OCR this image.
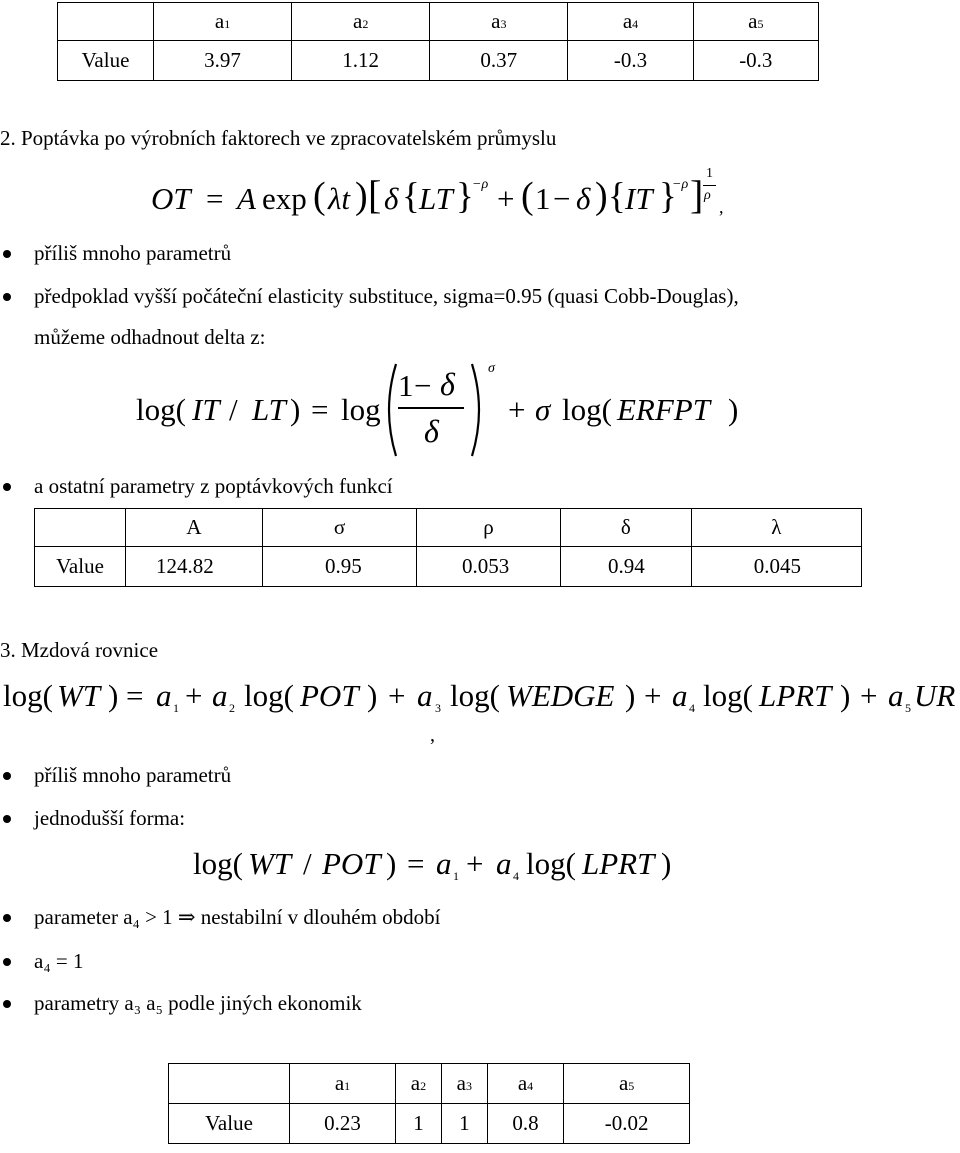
	a1	a2	a3	a4	a5
Value	3.97	1.12	0.37	-0.3	-0.3
2. Poptávka po výrobních faktorech ve zpracovatelském průmyslu
OT = A exp ( λt ) [ δ { LT }
−ρ + ( 1 − δ ) { IT }
−ρ ] 1
ρ
,
příliš mnoho parametrů
předpoklad vyšší počáteční elasticity substituce, sigma=0.95 (quasi Cobb-Douglas),
můžeme odhadnout delta z:
log( IT / LT ) = log
1 − δ
δ
σ
+ σ log( ERFPT )
a ostatní parametry z poptávkových funkcí
	A	σ	ρ	δ	λ
Value	124.82	0.95	0.053	0.94	0.045
3. Mzdová rovnice
log( WT ) = a 1 + a 2 log( POT ) + a 3 log( WEDGE ) + a 4 log( LPRT ) + a 5 UR
,
příliš mnoho parametrů
jednodušší forma:
log( WT / POT ) = a 1 + a 4 log( LPRT )
parameter a₄ > 1 ⇒ nestabilní v dlouhém období
a₄ = 1
parametry a₃ a₅ podle jiných ekonomik
	a1	a2	a3	a4	a5
Value	0.23	1	1	0.8	-0.02
